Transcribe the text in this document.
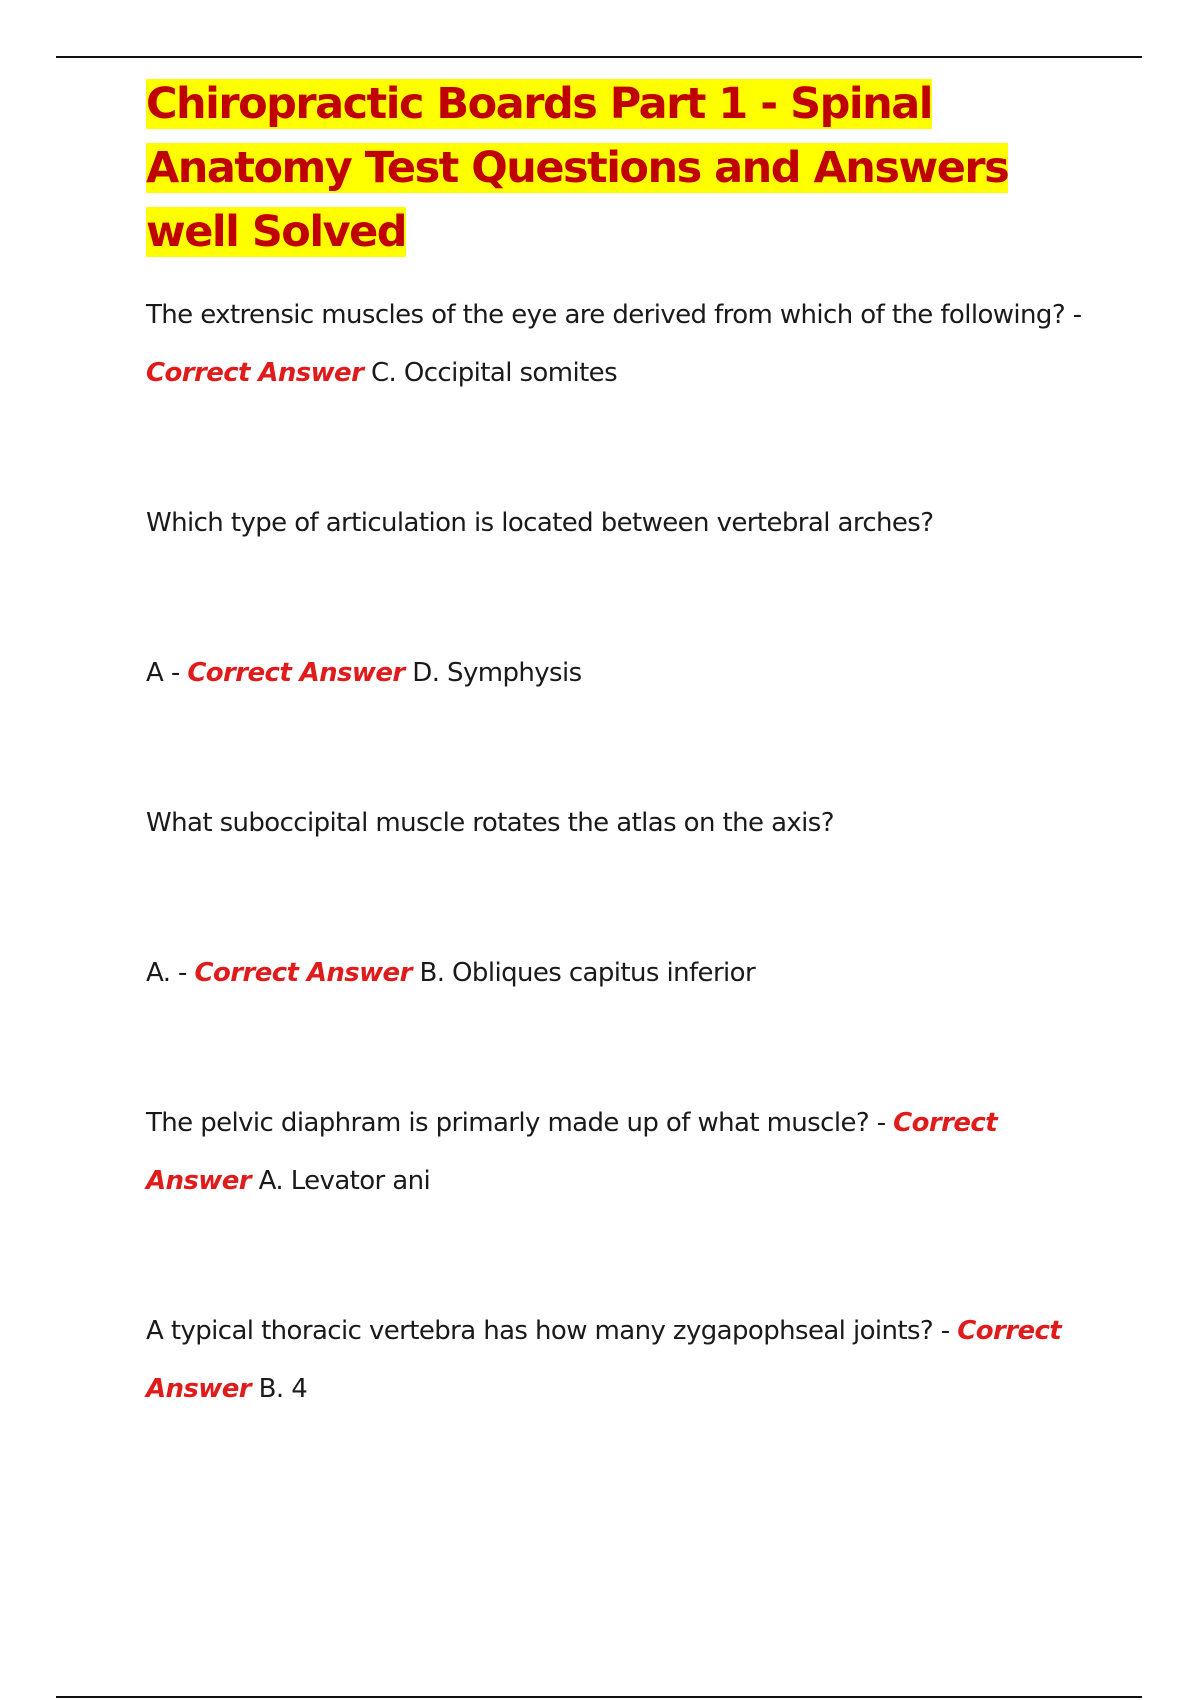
Chiropractic Boards Part 1 - Spinal Anatomy Test Questions and Answers well Solved

The extrensic muscles of the eye are derived from which of the following? - Correct Answer C. Occipital somites

Which type of articulation is located between vertebral arches?

A - Correct Answer D. Symphysis

What suboccipital muscle rotates the atlas on the axis?

A. - Correct Answer B. Obliques capitus inferior

The pelvic diaphram is primarly made up of what muscle? - Correct Answer A. Levator ani

A typical thoracic vertebra has how many zygapophseal joints? - Correct Answer B. 4
